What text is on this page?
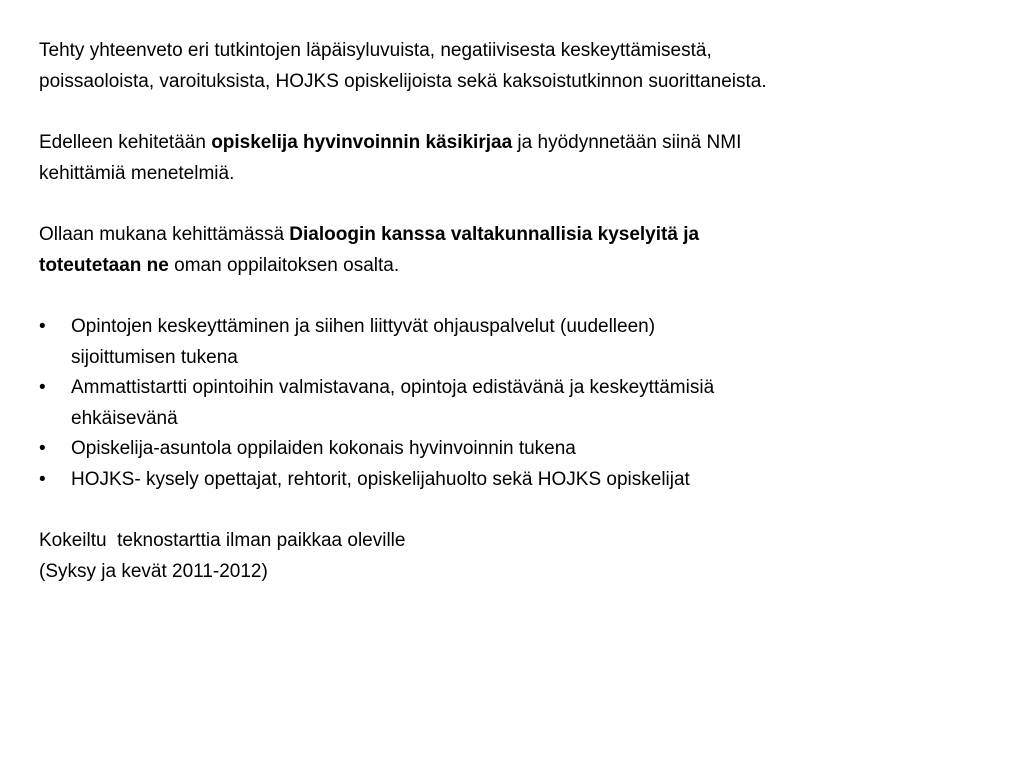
Tehty yhteenveto eri tutkintojen läpäisyluvuista, negatiivisesta keskeyttämisestä,
poissaoloista, varoituksista, HOJKS opiskelijoista sekä kaksoistutkinnon suorittaneista.

Edelleen kehitetään opiskelija hyvinvoinnin käsikirjaa ja hyödynnetään siinä NMI
kehittämiä menetelmiä.

Ollaan mukana kehittämässä Dialoogin kanssa valtakunnallisia kyselyitä ja
toteutetaan ne oman oppilaitoksen osalta.

•	Opintojen keskeyttäminen ja siihen liittyvät ohjauspalvelut (uudelleen)
sijoittumisen tukena
•	Ammattistartti opintoihin valmistavana, opintoja edistävänä ja keskeyttämisiä
ehkäisevänä
•	Opiskelija-asuntola oppilaiden kokonais hyvinvoinnin tukena
•	HOJKS- kysely opettajat, rehtorit, opiskelijahuolto sekä HOJKS opiskelijat

Kokeiltu  teknostarttia ilman paikkaa oleville
(Syksy ja kevät 2011-2012)
